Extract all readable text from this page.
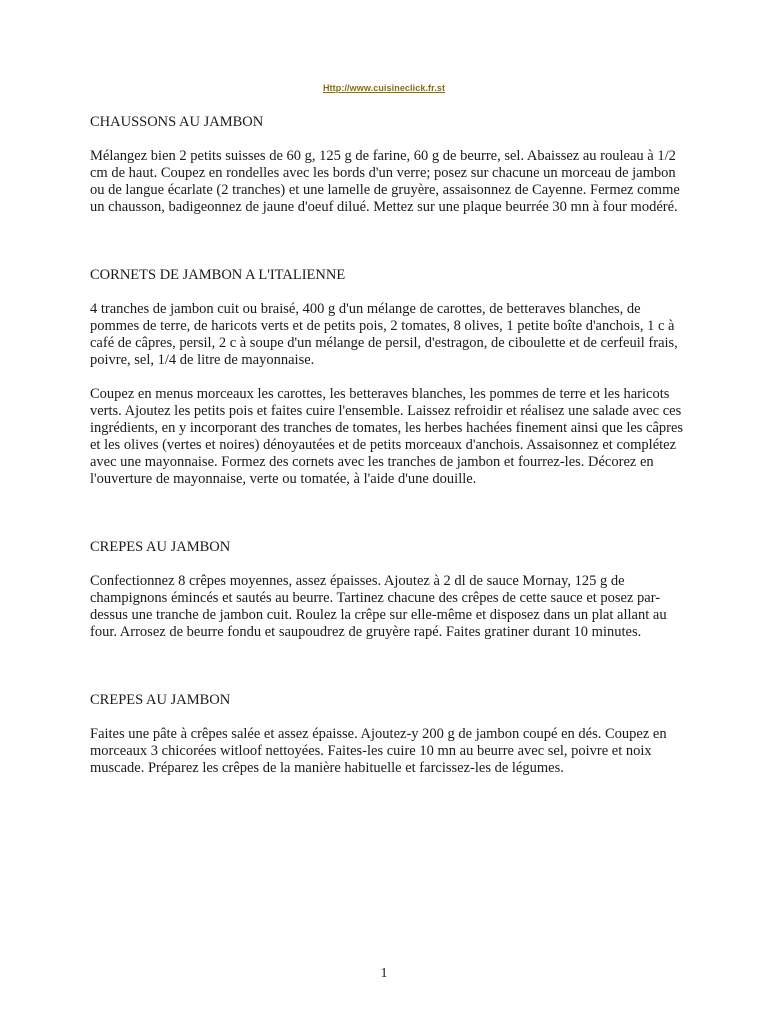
Http://www.cuisineclick.fr.st
CHAUSSONS AU JAMBON
Mélangez bien 2 petits suisses de 60 g, 125 g de farine, 60 g de beurre, sel. Abaissez au rouleau à 1/2 cm de haut. Coupez en rondelles avec les bords d'un verre; posez sur chacune un morceau de jambon ou de langue écarlate (2 tranches) et une lamelle de gruyère, assaisonnez de Cayenne. Fermez comme un chausson, badigeonnez de jaune d'oeuf dilué. Mettez sur une plaque beurrée 30 mn à four modéré.
CORNETS DE JAMBON A L'ITALIENNE
4 tranches de jambon cuit ou braisé, 400 g d'un mélange de carottes, de betteraves blanches, de pommes de terre, de haricots verts et de petits pois, 2 tomates, 8 olives, 1 petite boîte d'anchois, 1 c à café de câpres, persil, 2 c à soupe d'un mélange de persil, d'estragon, de ciboulette et de cerfeuil frais, poivre, sel, 1/4 de litre de mayonnaise.
Coupez en menus morceaux les carottes, les betteraves blanches, les pommes de terre et les haricots verts. Ajoutez les petits pois et faites cuire l'ensemble. Laissez refroidir et réalisez une salade avec ces ingrédients, en y incorporant des tranches de tomates, les herbes hachées finement ainsi que les câpres et les olives (vertes et noires) dénoyautées et de petits morceaux d'anchois. Assaisonnez et complétez avec une mayonnaise. Formez des cornets avec les tranches de jambon et fourrez-les. Décorez en l'ouverture de mayonnaise, verte ou tomatée, à l'aide d'une douille.
CREPES AU JAMBON
Confectionnez 8 crêpes moyennes, assez épaisses. Ajoutez à 2 dl de sauce Mornay, 125 g de champignons émincés et sautés au beurre. Tartinez chacune des crêpes de cette sauce et posez par-dessus une tranche de jambon cuit. Roulez la crêpe sur elle-même et disposez dans un plat allant au four. Arrosez de beurre fondu et saupoudrez de gruyère rapé. Faites gratiner durant 10 minutes.
CREPES AU JAMBON
Faites une pâte à crêpes salée et assez épaisse. Ajoutez-y 200 g de jambon coupé en dés. Coupez en morceaux 3 chicorées witloof nettoyées. Faites-les cuire 10 mn au beurre avec sel, poivre et noix muscade. Préparez les crêpes de la manière habituelle et farcissez-les de légumes.
1
